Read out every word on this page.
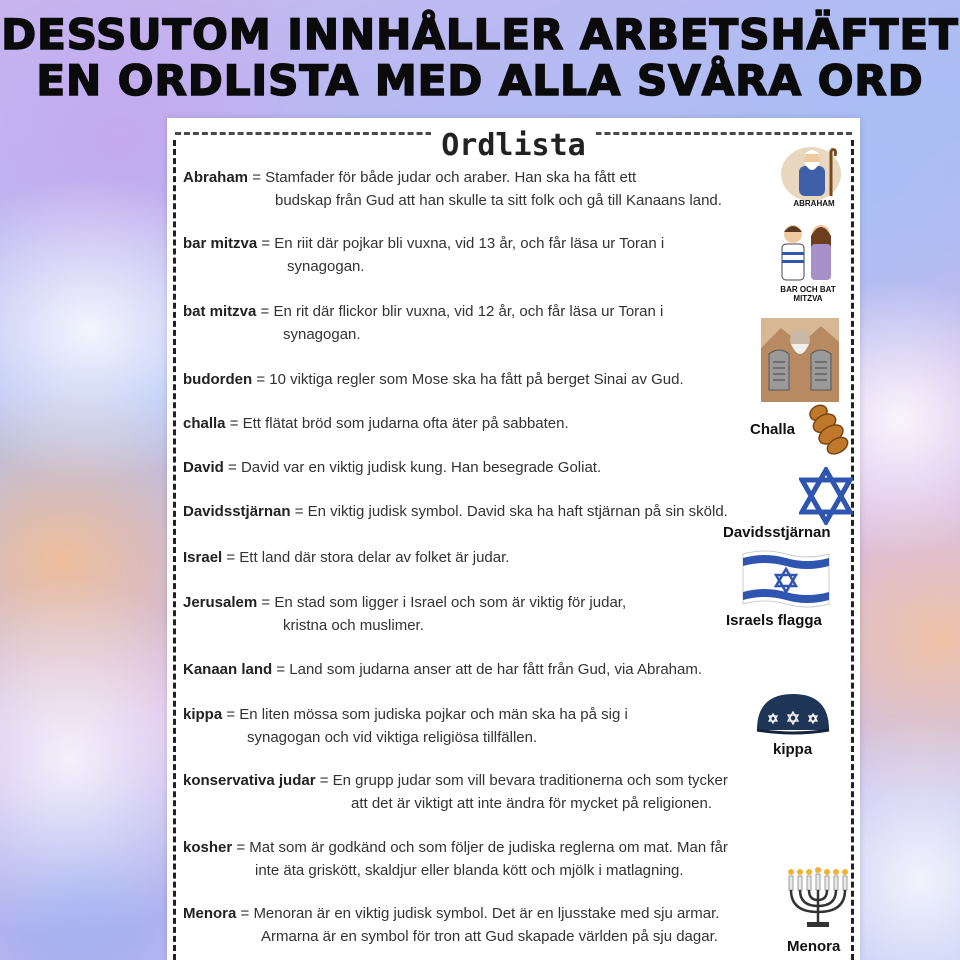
DESSUTOM INNHÅLLER ARBETSHÄFTET
EN ORDLISTA MED ALLA SVÅRA ORD
Ordlista
Abraham = Stamfader för både judar och araber. Han ska ha fått ett
budskap från Gud att han skulle ta sitt folk och gå till Kanaans land.
bar mitzva = En riit där pojkar bli vuxna, vid 13 år, och får läsa ur Toran i
synagogan.
bat mitzva = En rit där flickor blir vuxna, vid 12 år, och får läsa ur Toran i
synagogan.
budorden = 10 viktiga regler som Mose ska ha fått på berget Sinai av Gud.
challa = Ett flätat bröd som judarna ofta äter på sabbaten.
David = David var en viktig judisk kung. Han besegrade Goliat.
Davidsstjärnan = En viktig judisk symbol. David ska ha haft stjärnan på sin sköld.
Israel = Ett land där stora delar av folket är judar.
Jerusalem = En stad som ligger i Israel och som är viktig för judar,
kristna och muslimer.
Kanaan land = Land som judarna anser att de har fått från Gud, via Abraham.
kippa = En liten mössa som judiska pojkar och män ska ha på sig i
synagogan och vid viktiga religiösa tillfällen.
konservativa judar = En grupp judar som vill bevara traditionerna och som tycker
att det är viktigt att inte ändra för mycket på religionen.
kosher = Mat som är godkänd och som följer de judiska reglerna om mat. Man får
inte äta griskött, skaldjur eller blanda kött och mjölk i matlagning.
Menora = Menoran är en viktig judisk symbol. Det är en ljusstake med sju armar.
Armarna är en symbol för tron att Gud skapade världen på sju dagar.
ABRAHAM
BAR OCH BAT
MITZVA
Challa
Davidsstjärnan
Israels flagga
kippa
Menora
